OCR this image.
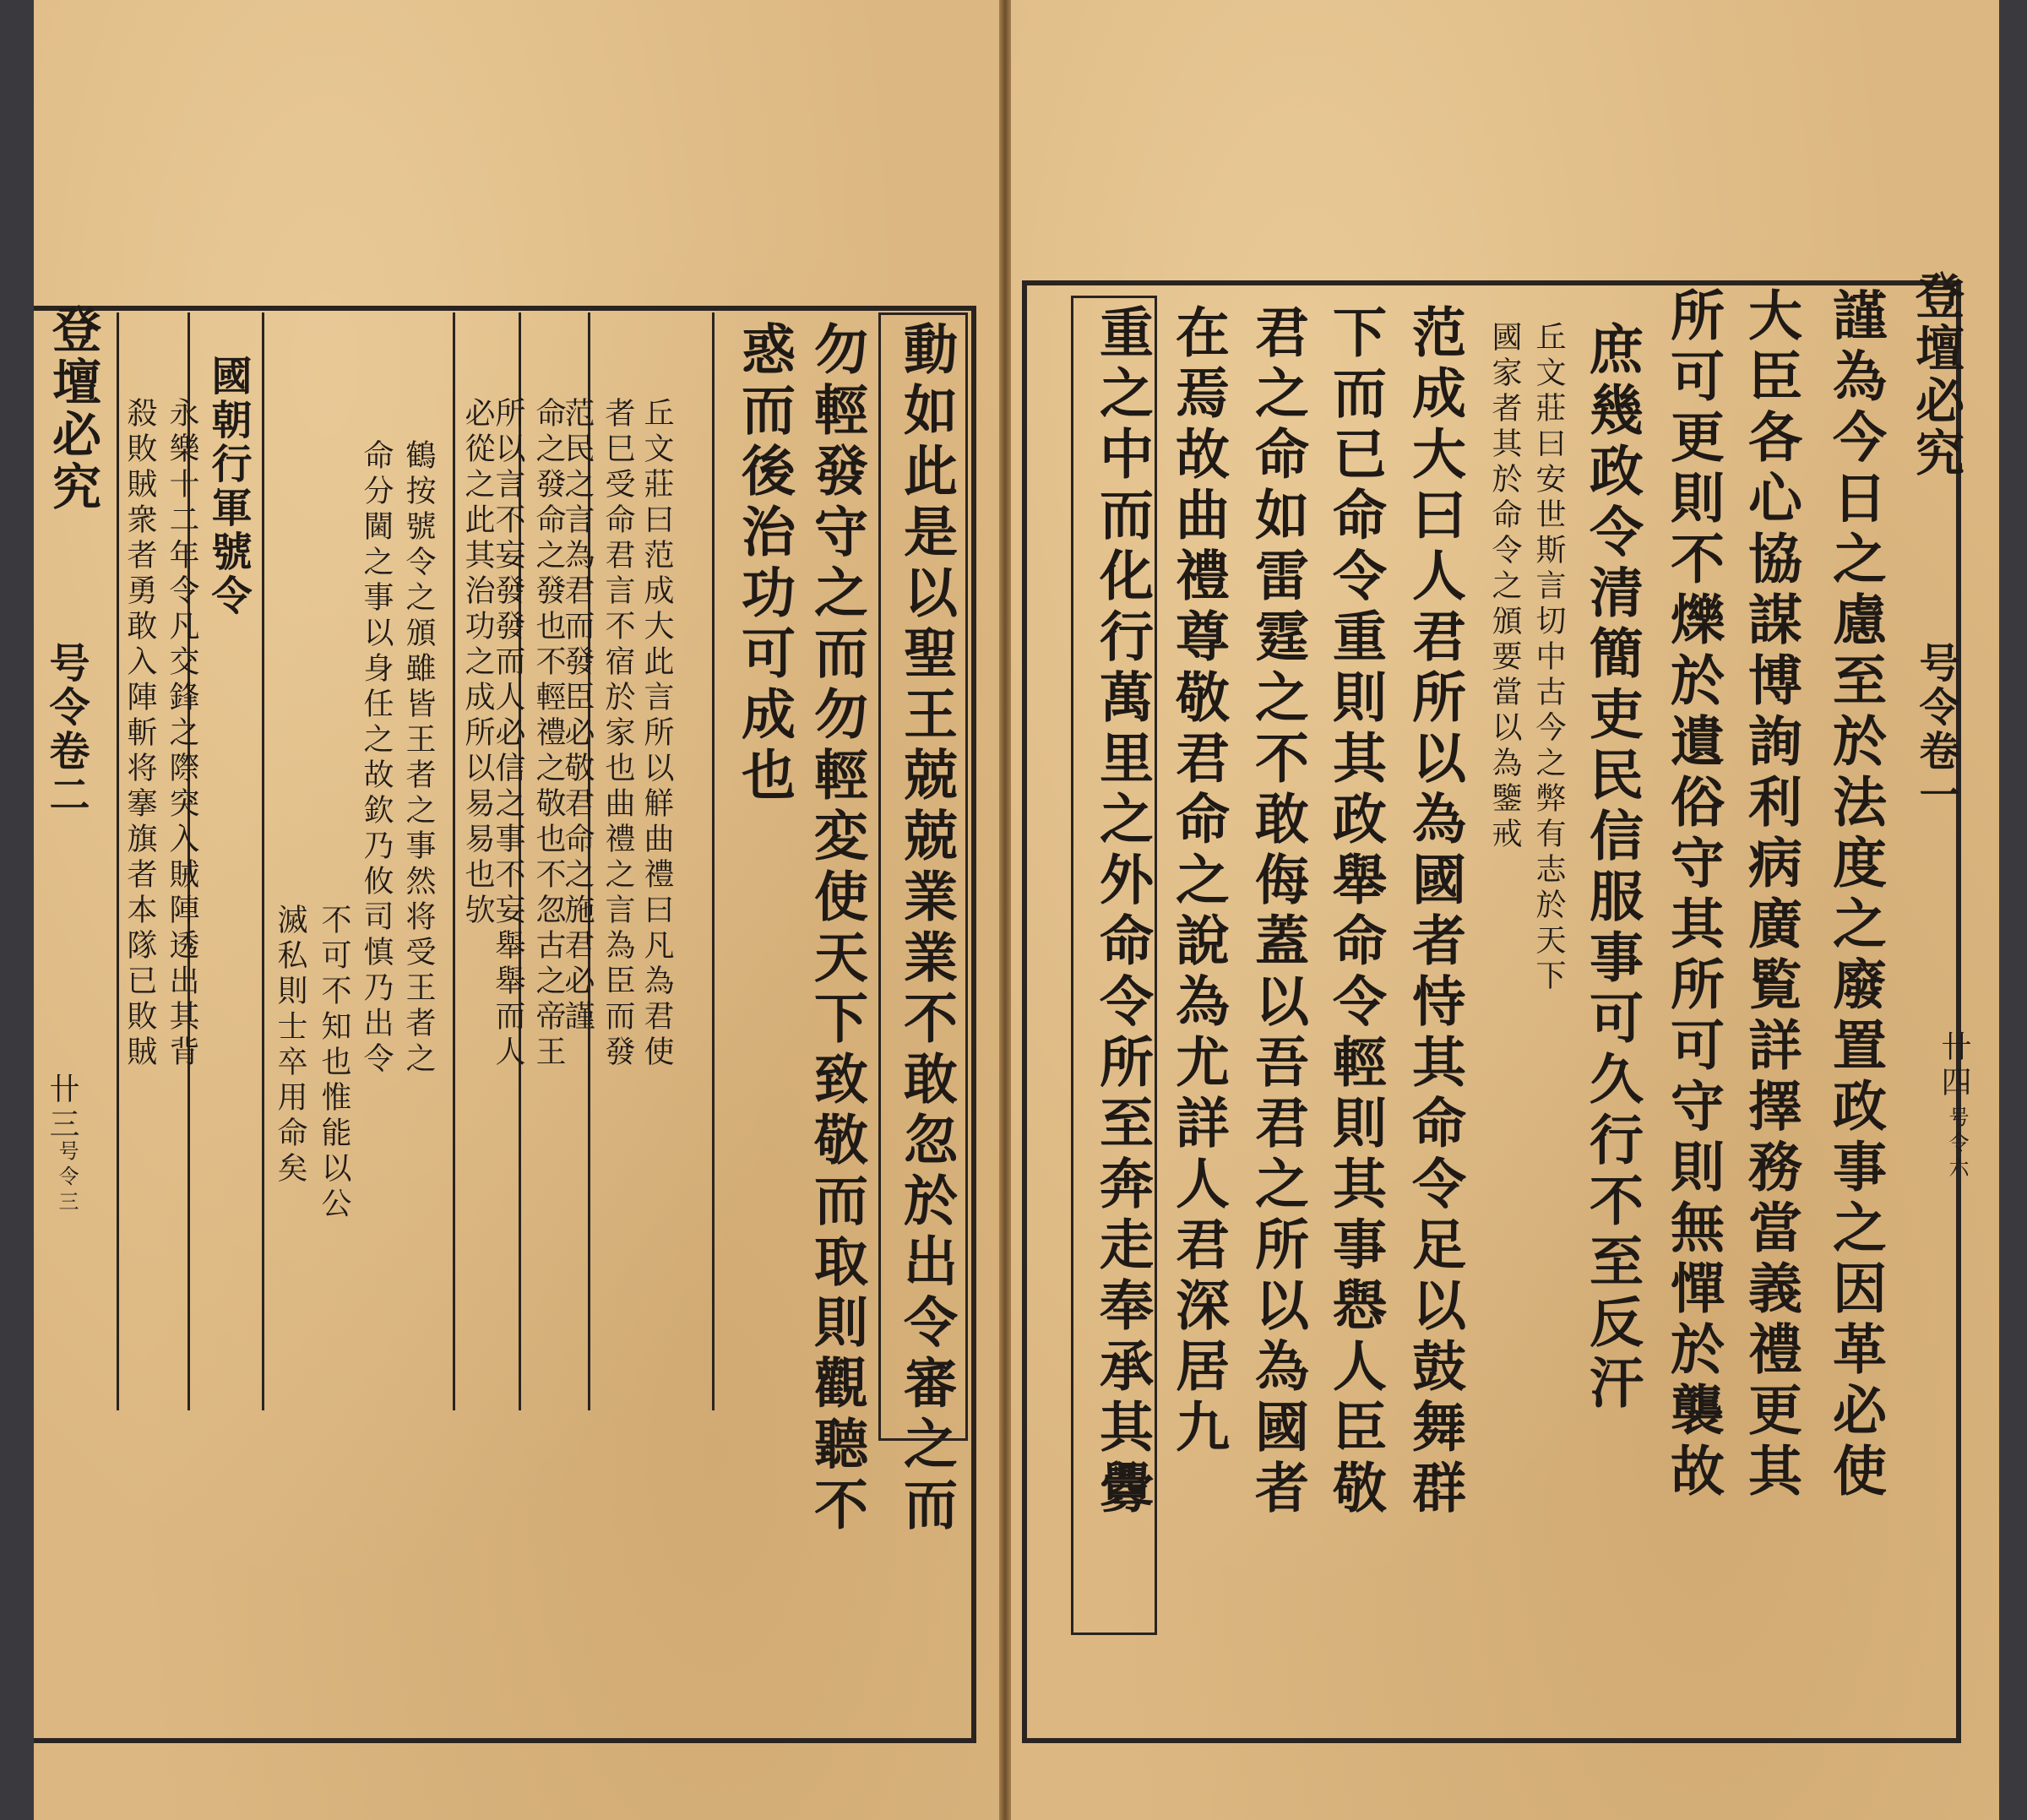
登壇必究
号令卷二
卄三
号令三
殺敗賊衆者勇敢入陣斬将搴旗者本隊已敗賊 永樂十二年令凡交鋒之際突入賊陣透出其背 國朝行軍號令
滅私則士卒用命矣 不可不知也惟能以公 命分閫之事以身任之故欽乃攸司慎乃出令 鶴按號令之頒雖皆王者之事然将受王者之 必從之此其治功之成所以易易也欤
所以言不妄發發而人必信之事不妄舉舉而人 命之發命之發也不輕禮之敬也不忽古之帝王
范民之言為君而發臣必敬君命之施君必謹 者巳受命君言不宿於家也曲禮之言為臣而發 丘文莊曰范成大此言所以觧曲禮曰凡為君使 惑而後治功可成也 勿輕發守之而勿輕変使天下致敬而取則觀聽不 動如此是以聖王兢兢業業不敢忽於出令審之而 重之中而化行萬里之外命令所至奔走奉承其釁 在焉故曲禮尊敬君命之說為尤詳人君深居九 君之命如雷霆之不敢侮蓋以吾君之所以為國者 下而已命令重則其政舉命令輕則其事㦛人臣敬 范成大曰人君所以為國者恃其命令足以鼓舞群 國家者其於命令之頒要當以為鑒戒 丘文莊曰安世斯言切中古今之弊有志於天下 庶幾政令清簡吏民信服事可久行不至反汗 所可更則不爍於遺俗守其所可守則無憚於襲故 大臣各心協謀博詢利病廣覧詳擇務當義禮更其 謹為今日之慮至於法度之廢置政事之因革必使 登壇必究
号令卷一
卄四
号令六
